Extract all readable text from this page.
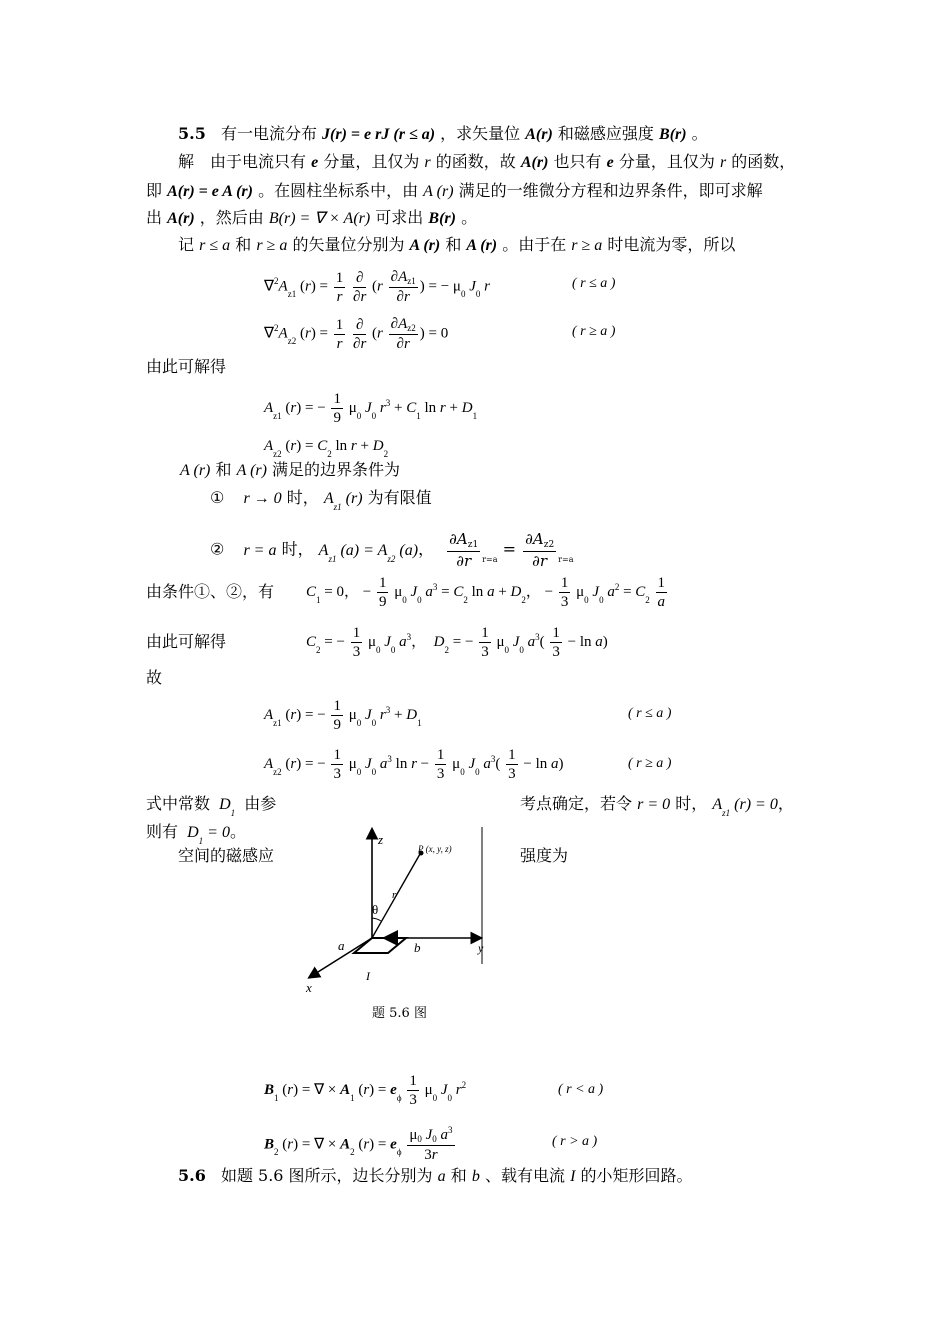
5.5 有一电流分布 J(r) = e rJ (r ≤ a) ，求矢量位 A(r) 和磁感应强度 B(r) 。
解　由于电流只有 e 分量，且仅为 r 的函数，故 A(r) 也只有 e 分量，且仅为 r 的函数，
即 A(r) = e A (r) 。在圆柱坐标系中，由 A (r) 满足的一维微分方程和边界条件，即可求解
出 A(r) ，然后由 B(r) = ∇ × A(r) 可求出 B(r) 。
记 r ≤ a 和 r ≥ a 的矢量位分别为 A (r) 和 A (r) 。由于在 r ≥ a 时电流为零，所以
$\nabla^2A_{z1}$ $(r) = \frac{1}{r}$
$\frac{\partial}{\partial r} (r \frac{\partial A_{z1}}{\partial r}$ ) = − $\mu_0$ $J_0$ r	( r ≤ a )
$\nabla^2A_{z2}$ $(r) = \frac{1}{r}$
$\frac{\partial}{\partial r} (r \frac{\partial A_{z2}}{\partial r}$ ) = 0	( r ≥ a )
由此可解得
$A_{z1}$ (r) = − $\frac{1}{9} \mu_0$ $J_0$ $r^3 + C_1$ $\ln r + D_1$
$A_{z2}$ $(r) = C_2$ $\ln r + D_2$
A (r) 和 A (r) 满足的边界条件为
① r → 0 时， $A_{z1}$ (r) 为有限值
② r = a 时， $A_{z1}$ $(a) = A_{z2}$ (a)， $\frac{\partial A_{z1}}{\partial r} _{r=a} = \frac{\partial A_{z2}}{\partial r} _{r=a}$
由条件①、②，有 $C_1 = 0$， − $\frac{1}{9} \mu_0$ $J_0$ $a^3 = C_2$ $\ln a + D_2$， − $\frac{1}{3} \mu_0$ $J_0$ $a^2 = C_2 \frac{1}{a}$
由此可解得	$C_2$ = − $\frac{1}{3} \mu_0$ $J_0$ $a^3$，　$D_2$ = − $\frac{1}{3} \mu_0$ $J_0$ $a^3( \frac{1}{3} - \ln a)$
故
$A_{z1}$ (r) = − $\frac{1}{9} \mu_0$ $J_0$ $r^3 + D_1$
( r ≤ a )
$A_{z2}$ (r) = − $\frac{1}{3} \mu_0$ $J_0$ $a^3$ $\ln r - \frac{1}{3} \mu_0$ $J_0$ $a^3( \frac{1}{3} - \ln a)$	( r ≥ a )
式中常数 $D_1$ 由参	考点确定，若令 r = 0 时， $A_{z1}$ (r) = 0，
则有 $D_1 = 0$。
空间的磁感应	强度为
z
y
x
P (x, y, z)
r
θ
a	b
I
题 5.6 图
$B_1$ (r) = ∇ × $A_1$ $(r) = e_\phi \frac{1}{3} \mu_0$ $J_0$ $r^2$	( r < a )
$B_2$ (r) = ∇ × $A_2$ $(r) = e_\phi \frac{\mu_0 J_0 a^3}{3r}$	( r > a )
5.6 如题 5.6 图所示，边长分别为 a 和 b 、载有电流 I 的小矩形回路。
